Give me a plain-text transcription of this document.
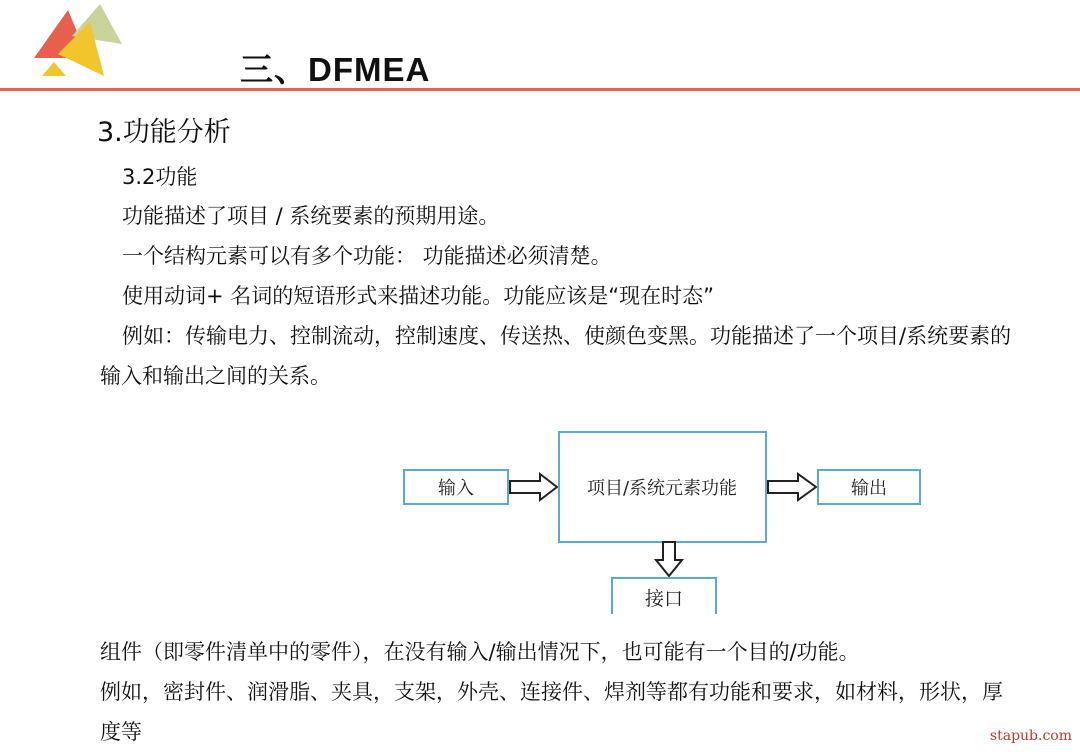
三、DFMEA
3.功能分析
3.2功能
功能描述了项目 / 系统要素的预期用途。
一个结构元素可以有多个功能： 功能描述必须清楚。
使用动词+ 名词的短语形式来描述功能。功能应该是“现在时态”
例如：传输电力、控制流动，控制速度、传送热、使颜色变黑。功能描述了一个项目/系统要素的输入和输出之间的关系。
输入	项目/系统元素功能	输出
接口
组件（即零件清单中的零件），在没有输入/输出情况下，也可能有一个目的/功能。
例如，密封件、润滑脂、夹具，支架，外壳、连接件、焊剂等都有功能和要求，如材料，形状，厚度等	stapub.com
